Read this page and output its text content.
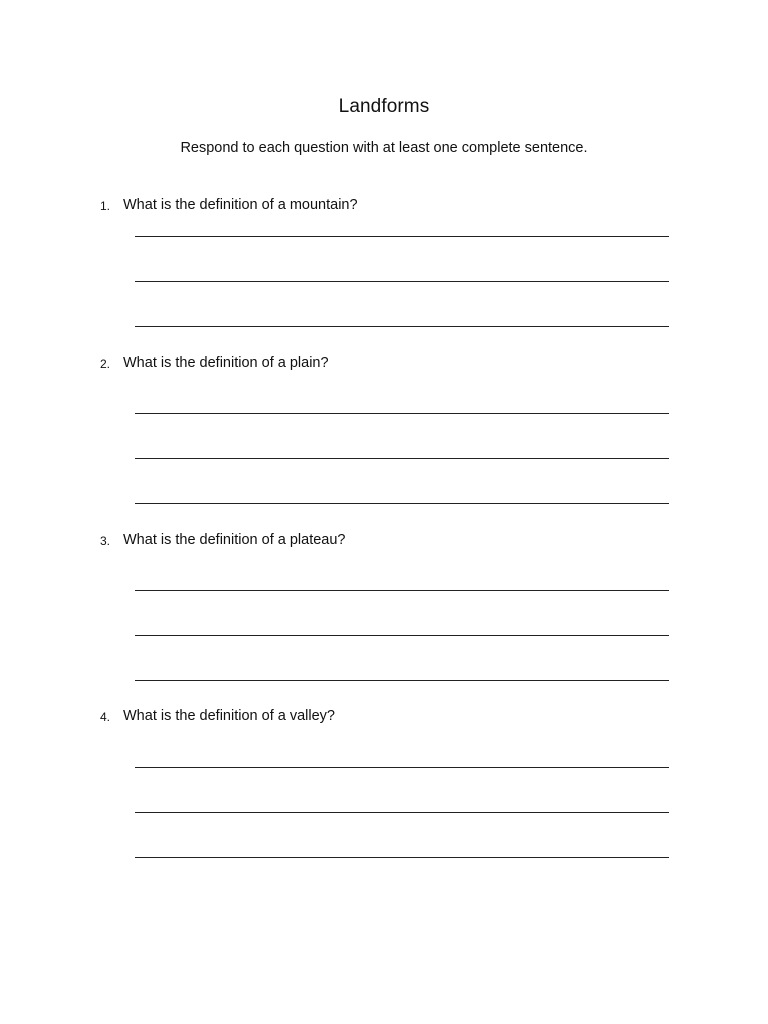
Landforms
Respond to each question with at least one complete sentence.
1. What is the definition of a mountain?
2. What is the definition of a plain?
3. What is the definition of a plateau?
4. What is the definition of a valley?
